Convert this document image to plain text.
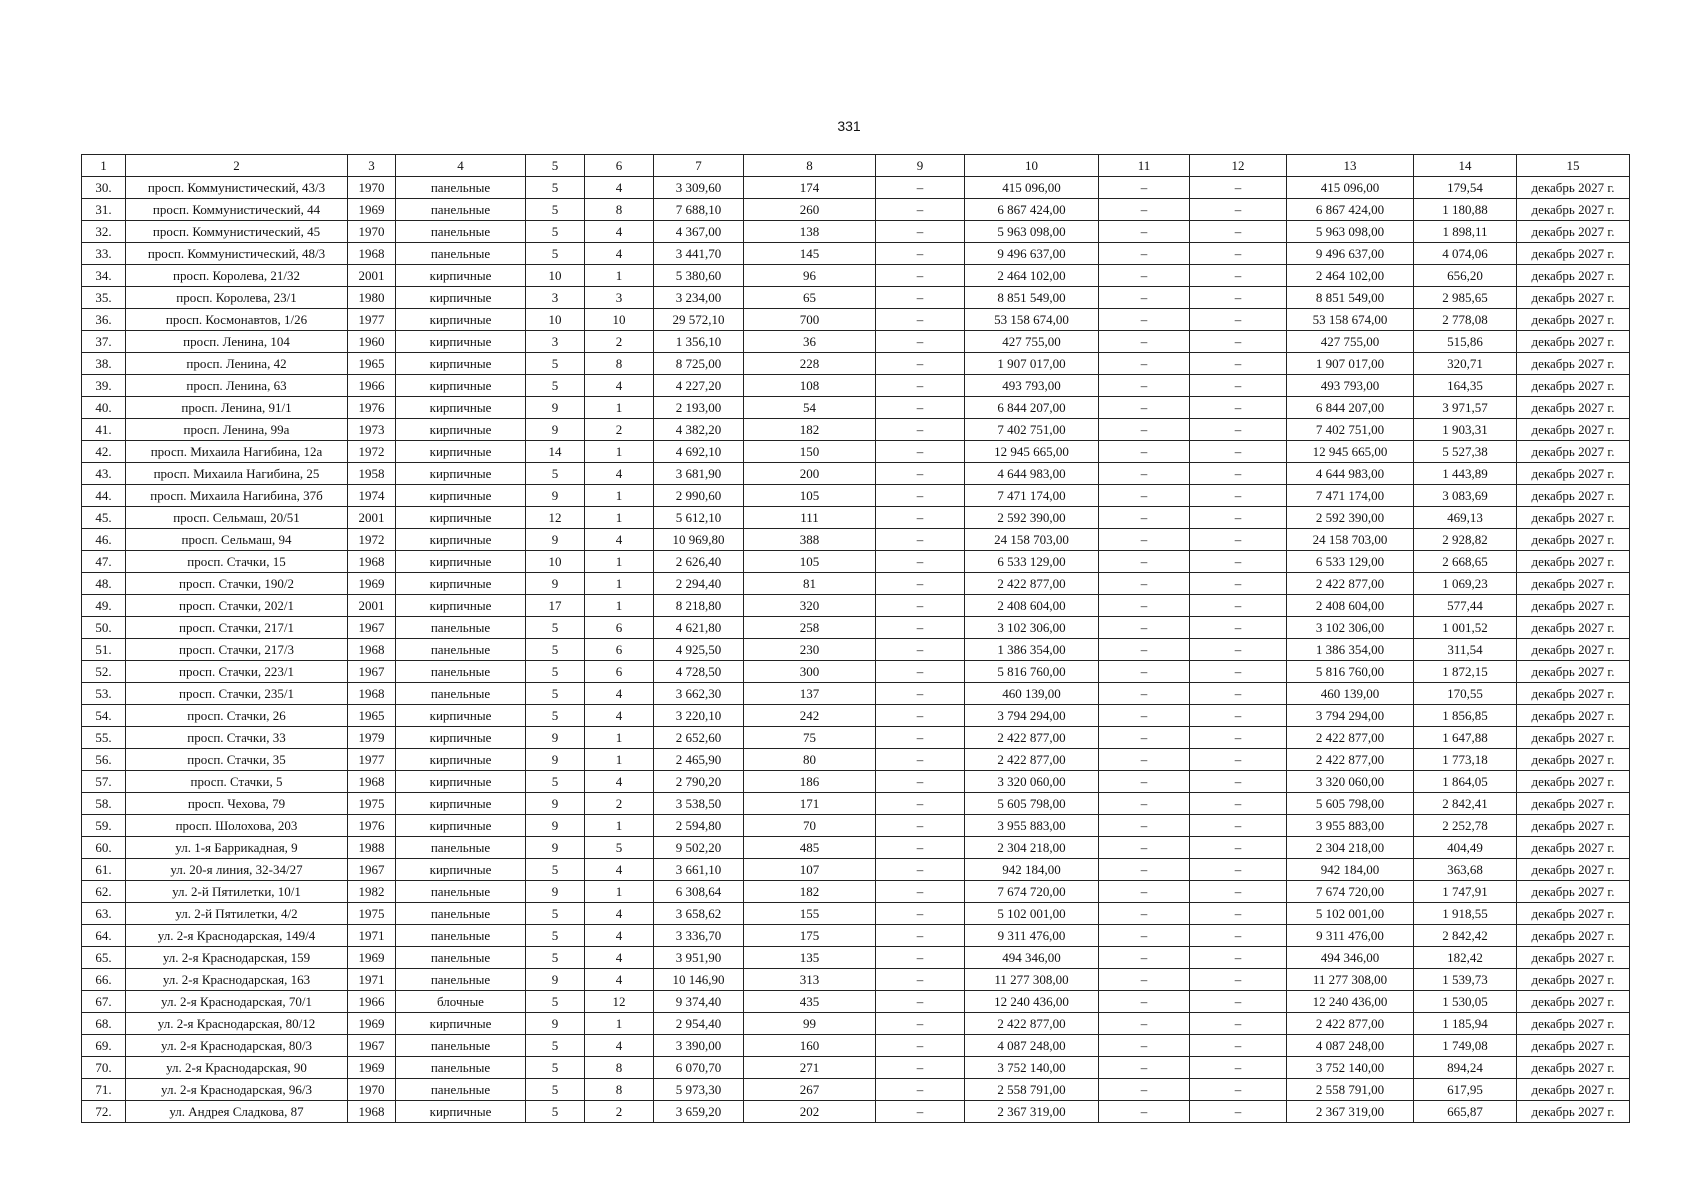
331
1	2	3	4	5	6	7	8	9	10	11	12	13	14	15
30.	просп. Коммунистический, 43/3	1970	панельные	5	4	3 309,60	174	–	415 096,00	–	–	415 096,00	179,54	декабрь 2027 г.
31.	просп. Коммунистический, 44	1969	панельные	5	8	7 688,10	260	–	6 867 424,00	–	–	6 867 424,00	1 180,88	декабрь 2027 г.
32.	просп. Коммунистический, 45	1970	панельные	5	4	4 367,00	138	–	5 963 098,00	–	–	5 963 098,00	1 898,11	декабрь 2027 г.
33.	просп. Коммунистический, 48/3	1968	панельные	5	4	3 441,70	145	–	9 496 637,00	–	–	9 496 637,00	4 074,06	декабрь 2027 г.
34.	просп. Королева, 21/32	2001	кирпичные	10	1	5 380,60	96	–	2 464 102,00	–	–	2 464 102,00	656,20	декабрь 2027 г.
35.	просп. Королева, 23/1	1980	кирпичные	3	3	3 234,00	65	–	8 851 549,00	–	–	8 851 549,00	2 985,65	декабрь 2027 г.
36.	просп. Космонавтов, 1/26	1977	кирпичные	10	10	29 572,10	700	–	53 158 674,00	–	–	53 158 674,00	2 778,08	декабрь 2027 г.
37.	просп. Ленина, 104	1960	кирпичные	3	2	1 356,10	36	–	427 755,00	–	–	427 755,00	515,86	декабрь 2027 г.
38.	просп. Ленина, 42	1965	кирпичные	5	8	8 725,00	228	–	1 907 017,00	–	–	1 907 017,00	320,71	декабрь 2027 г.
39.	просп. Ленина, 63	1966	кирпичные	5	4	4 227,20	108	–	493 793,00	–	–	493 793,00	164,35	декабрь 2027 г.
40.	просп. Ленина, 91/1	1976	кирпичные	9	1	2 193,00	54	–	6 844 207,00	–	–	6 844 207,00	3 971,57	декабрь 2027 г.
41.	просп. Ленина, 99а	1973	кирпичные	9	2	4 382,20	182	–	7 402 751,00	–	–	7 402 751,00	1 903,31	декабрь 2027 г.
42.	просп. Михаила Нагибина, 12а	1972	кирпичные	14	1	4 692,10	150	–	12 945 665,00	–	–	12 945 665,00	5 527,38	декабрь 2027 г.
43.	просп. Михаила Нагибина, 25	1958	кирпичные	5	4	3 681,90	200	–	4 644 983,00	–	–	4 644 983,00	1 443,89	декабрь 2027 г.
44.	просп. Михаила Нагибина, 37б	1974	кирпичные	9	1	2 990,60	105	–	7 471 174,00	–	–	7 471 174,00	3 083,69	декабрь 2027 г.
45.	просп. Сельмаш, 20/51	2001	кирпичные	12	1	5 612,10	111	–	2 592 390,00	–	–	2 592 390,00	469,13	декабрь 2027 г.
46.	просп. Сельмаш, 94	1972	кирпичные	9	4	10 969,80	388	–	24 158 703,00	–	–	24 158 703,00	2 928,82	декабрь 2027 г.
47.	просп. Стачки, 15	1968	кирпичные	10	1	2 626,40	105	–	6 533 129,00	–	–	6 533 129,00	2 668,65	декабрь 2027 г.
48.	просп. Стачки, 190/2	1969	кирпичные	9	1	2 294,40	81	–	2 422 877,00	–	–	2 422 877,00	1 069,23	декабрь 2027 г.
49.	просп. Стачки, 202/1	2001	кирпичные	17	1	8 218,80	320	–	2 408 604,00	–	–	2 408 604,00	577,44	декабрь 2027 г.
50.	просп. Стачки, 217/1	1967	панельные	5	6	4 621,80	258	–	3 102 306,00	–	–	3 102 306,00	1 001,52	декабрь 2027 г.
51.	просп. Стачки, 217/3	1968	панельные	5	6	4 925,50	230	–	1 386 354,00	–	–	1 386 354,00	311,54	декабрь 2027 г.
52.	просп. Стачки, 223/1	1967	панельные	5	6	4 728,50	300	–	5 816 760,00	–	–	5 816 760,00	1 872,15	декабрь 2027 г.
53.	просп. Стачки, 235/1	1968	панельные	5	4	3 662,30	137	–	460 139,00	–	–	460 139,00	170,55	декабрь 2027 г.
54.	просп. Стачки, 26	1965	кирпичные	5	4	3 220,10	242	–	3 794 294,00	–	–	3 794 294,00	1 856,85	декабрь 2027 г.
55.	просп. Стачки, 33	1979	кирпичные	9	1	2 652,60	75	–	2 422 877,00	–	–	2 422 877,00	1 647,88	декабрь 2027 г.
56.	просп. Стачки, 35	1977	кирпичные	9	1	2 465,90	80	–	2 422 877,00	–	–	2 422 877,00	1 773,18	декабрь 2027 г.
57.	просп. Стачки, 5	1968	кирпичные	5	4	2 790,20	186	–	3 320 060,00	–	–	3 320 060,00	1 864,05	декабрь 2027 г.
58.	просп. Чехова, 79	1975	кирпичные	9	2	3 538,50	171	–	5 605 798,00	–	–	5 605 798,00	2 842,41	декабрь 2027 г.
59.	просп. Шолохова, 203	1976	кирпичные	9	1	2 594,80	70	–	3 955 883,00	–	–	3 955 883,00	2 252,78	декабрь 2027 г.
60.	ул. 1-я Баррикадная, 9	1988	панельные	9	5	9 502,20	485	–	2 304 218,00	–	–	2 304 218,00	404,49	декабрь 2027 г.
61.	ул. 20-я линия, 32-34/27	1967	кирпичные	5	4	3 661,10	107	–	942 184,00	–	–	942 184,00	363,68	декабрь 2027 г.
62.	ул. 2-й Пятилетки, 10/1	1982	панельные	9	1	6 308,64	182	–	7 674 720,00	–	–	7 674 720,00	1 747,91	декабрь 2027 г.
63.	ул. 2-й Пятилетки, 4/2	1975	панельные	5	4	3 658,62	155	–	5 102 001,00	–	–	5 102 001,00	1 918,55	декабрь 2027 г.
64.	ул. 2-я Краснодарская, 149/4	1971	панельные	5	4	3 336,70	175	–	9 311 476,00	–	–	9 311 476,00	2 842,42	декабрь 2027 г.
65.	ул. 2-я Краснодарская, 159	1969	панельные	5	4	3 951,90	135	–	494 346,00	–	–	494 346,00	182,42	декабрь 2027 г.
66.	ул. 2-я Краснодарская, 163	1971	панельные	9	4	10 146,90	313	–	11 277 308,00	–	–	11 277 308,00	1 539,73	декабрь 2027 г.
67.	ул. 2-я Краснодарская, 70/1	1966	блочные	5	12	9 374,40	435	–	12 240 436,00	–	–	12 240 436,00	1 530,05	декабрь 2027 г.
68.	ул. 2-я Краснодарская, 80/12	1969	кирпичные	9	1	2 954,40	99	–	2 422 877,00	–	–	2 422 877,00	1 185,94	декабрь 2027 г.
69.	ул. 2-я Краснодарская, 80/3	1967	панельные	5	4	3 390,00	160	–	4 087 248,00	–	–	4 087 248,00	1 749,08	декабрь 2027 г.
70.	ул. 2-я Краснодарская, 90	1969	панельные	5	8	6 070,70	271	–	3 752 140,00	–	–	3 752 140,00	894,24	декабрь 2027 г.
71.	ул. 2-я Краснодарская, 96/3	1970	панельные	5	8	5 973,30	267	–	2 558 791,00	–	–	2 558 791,00	617,95	декабрь 2027 г.
72.	ул. Андрея Сладкова, 87	1968	кирпичные	5	2	3 659,20	202	–	2 367 319,00	–	–	2 367 319,00	665,87	декабрь 2027 г.
